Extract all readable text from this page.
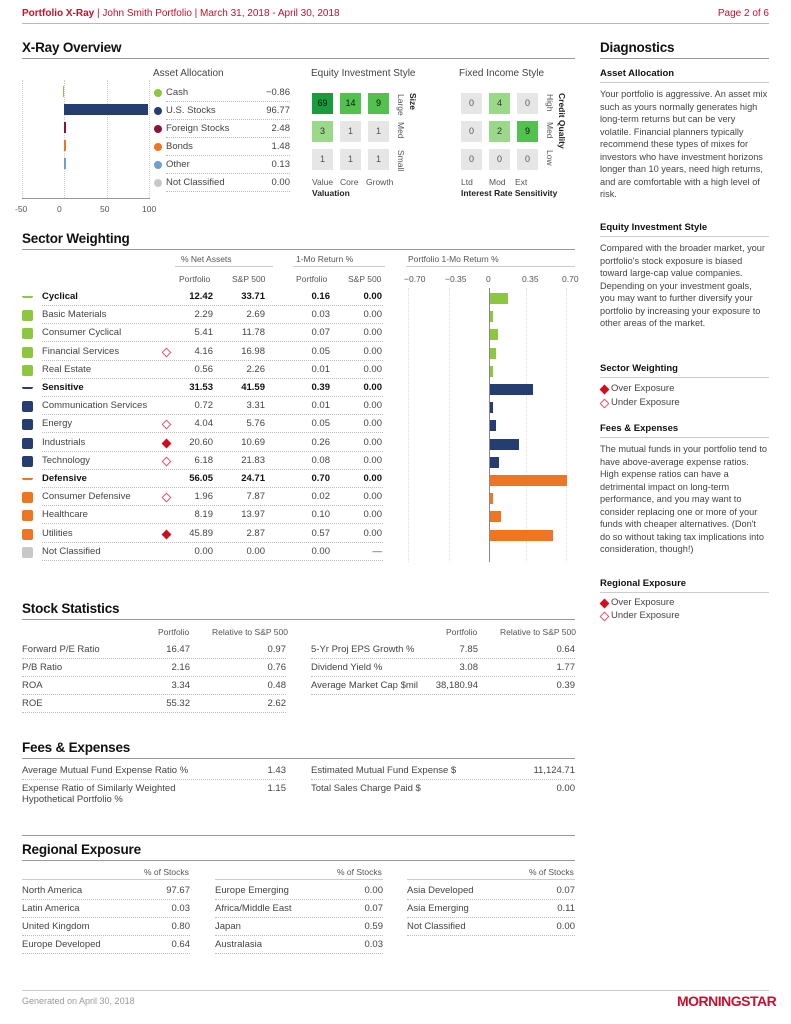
Portfolio X-Ray | John Smith Portfolio | March 31, 2018 - April 30, 2018	Page 2 of 6
X-Ray Overview
Asset Allocation
-50	0	50	100
Cash	−0.86
U.S. Stocks	96.77
Foreign Stocks	2.48
Bonds	1.48
Other	0.13
Not Classified	0.00
Equity Investment Style
69	14	9
3	1	1
1	1	1
Value Core Growth
Valuation
Large
Med
Small
Size
Fixed Income Style
0	4	0
0	2	9
0	0	0
Ltd Mod Ext
Interest Rate Sensitivity
High
Med
Low
Credit Quality
Sector Weighting
% Net Assets	1-Mo Return %	Portfolio 1-Mo Return %
Portfolio	S&P 500	Portfolio S&P 500	−0.70 −0.35 0	0.35	0.70
Cyclical	12.42	33.71	0.16	0.00
Basic Materials	2.29	2.69	0.03	0.00
Consumer Cyclical	5.41	11.78	0.07	0.00
Financial Services	4.16	16.98	0.05	0.00
Real Estate	0.56	2.26	0.01	0.00
Sensitive	31.53	41.59	0.39	0.00
Communication Services	0.72	3.31	0.01	0.00
Energy	4.04	5.76	0.05	0.00
Industrials	20.60	10.69	0.26	0.00
Technology	6.18	21.83	0.08	0.00
Defensive	56.05	24.71	0.70	0.00
Consumer Defensive	1.96	7.87	0.02	0.00
Healthcare	8.19	13.97	0.10	0.00
Utilities	45.89	2.87	0.57	0.00
Not Classified	0.00	0.00	0.00	—
Stock Statistics
Portfolio	Relative to S&P 500	Portfolio	Relative to S&P 500
Forward P/E Ratio	16.47	0.97
P/B Ratio	2.16	0.76
ROA	3.34	0.48
ROE	55.32	2.62
5-Yr Proj EPS Growth %	7.85	0.64
Dividend Yield %	3.08	1.77
Average Market Cap $mil	38,180.94	0.39
Fees & Expenses
Average Mutual Fund Expense Ratio %	1.43
Expense Ratio of Similarly Weighted Hypothetical Portfolio %
1.15
Estimated Mutual Fund Expense $	11,124.71
Total Sales Charge Paid $	0.00
Regional Exposure
% of Stocks
North America	97.67
Latin America	0.03
United Kingdom	0.80
Europe Developed	0.64
% of Stocks
Europe Emerging	0.00
Africa/Middle East	0.07
Japan	0.59
Australasia	0.03
% of Stocks
Asia Developed	0.07
Asia Emerging	0.11
Not Classified	0.00
Diagnostics
Asset Allocation
Your portfolio is aggressive. An asset mix such as yours normally generates high long-term returns but can be very volatile. Financial planners typically recommend these types of mixes for investors who have investment horizons longer than 10 years, need high returns, and are comfortable with a high level of risk.
Equity Investment Style
Compared with the broader market, your portfolio's stock exposure is biased toward large-cap value companies. Depending on your investment goals, you may want to further diversify your portfolio by increasing your exposure to other areas of the market.
Sector Weighting
Over Exposure
Under Exposure
Fees & Expenses
The mutual funds in your portfolio tend to have above-average expense ratios. High expense ratios can have a detrimental impact on long-term performance, and you may want to consider replacing one or more of your funds with cheaper alternatives. (Don't do so without taking tax implications into consideration, though!)
Regional Exposure
Over Exposure
Under Exposure
Generated on April 30, 2018	MORNINGSTAR
